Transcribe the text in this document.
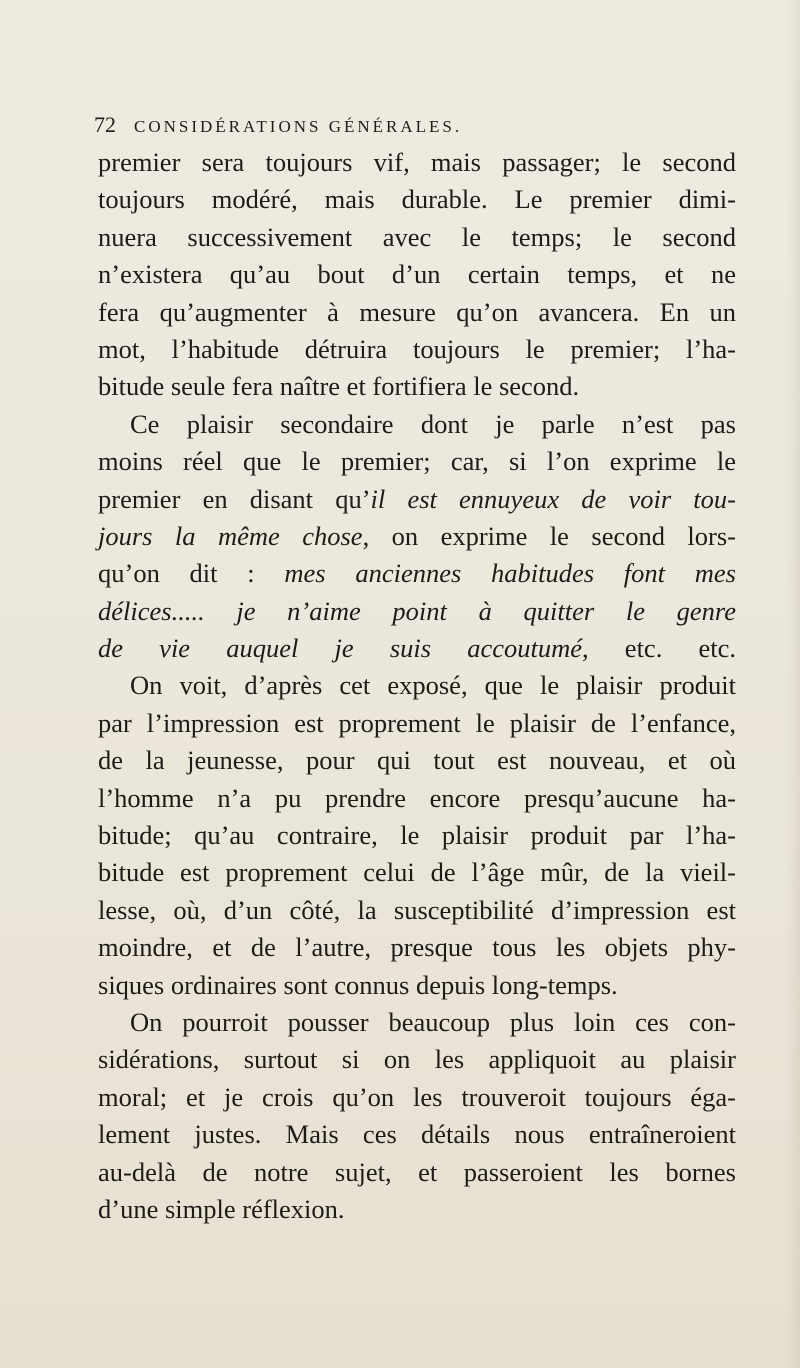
72 CONSIDÉRATIONS GÉNÉRALES.
premier sera toujours vif, mais passager; le second
toujours modéré, mais durable. Le premier dimi-
nuera successivement avec le temps; le second
n’existera qu’au bout d’un certain temps, et ne
fera qu’augmenter à mesure qu’on avancera. En un
mot, l’habitude détruira toujours le premier; l’ha-
bitude seule fera naître et fortifiera le second.
Ce plaisir secondaire dont je parle n’est pas
moins réel que le premier; car, si l’on exprime le
premier en disant qu’il est ennuyeux de voir tou-
jours la même chose, on exprime le second lors-
qu’on dit : mes anciennes habitudes font mes
délices..... je n’aime point à quitter le genre
de vie auquel je suis accoutumé, etc. etc.
On voit, d’après cet exposé, que le plaisir produit
par l’impression est proprement le plaisir de l’enfance,
de la jeunesse, pour qui tout est nouveau, et où
l’homme n’a pu prendre encore presqu’aucune ha-
bitude; qu’au contraire, le plaisir produit par l’ha-
bitude est proprement celui de l’âge mûr, de la vieil-
lesse, où, d’un côté, la susceptibilité d’impression est
moindre, et de l’autre, presque tous les objets phy-
siques ordinaires sont connus depuis long-temps.
On pourroit pousser beaucoup plus loin ces con-
sidérations, surtout si on les appliquoit au plaisir
moral; et je crois qu’on les trouveroit toujours éga-
lement justes. Mais ces détails nous entraîneroient
au-delà de notre sujet, et passeroient les bornes
d’une simple réflexion.
